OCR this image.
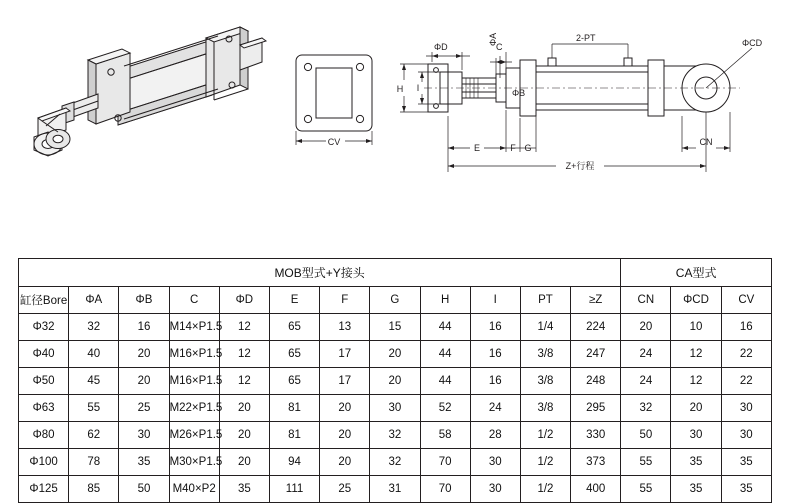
CV
2-PT
ΦD	C
ΦA
ΦB
H I
E	F G
Z+行程
CN
ΦCD
MOB型式+Y接头												CA型式		
缸径Bore	ΦA	ΦB	C	ΦD	E	F	G	H	I	PT	≥Z	CN	ΦCD	CV
Φ32	32	16	M14×P1.5	12	65	13	15	44	16	1/4	224	20	10	16
Φ40	40	20	M16×P1.5	12	65	17	20	44	16	3/8	247	24	12	22
Φ50	45	20	M16×P1.5	12	65	17	20	44	16	3/8	248	24	12	22
Φ63	55	25	M22×P1.5	20	81	20	30	52	24	3/8	295	32	20	30
Φ80	62	30	M26×P1.5	20	81	20	32	58	28	1/2	330	50	30	30
Φ100	78	35	M30×P1.5	20	94	20	32	70	30	1/2	373	55	35	35
Φ125	85	50	M40×P2	35	111	25	31	70	30	1/2	400	55	35	35
